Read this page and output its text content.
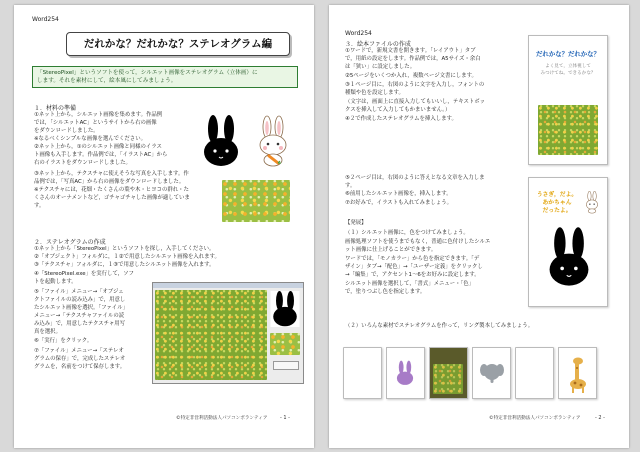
Word254
だれかな？だれかな？ステレオグラム編
「StereoPixel」というソフトを使って，シルエット画像をステレオグラム（立体画）に
します。それを素材にして，絵本風にしてみましょう。
１．材料の準備
①ネット上から，シルエット画像を集めます。作品例
では，「シルエットAC」というサイトから右の画像
をダウンロードしました。
※なるべくシンプルな画像を選んでください。
②ネット上から，①のシルエット画像と同様のイラス
ト画像も入手します。作品例では，「イラストAC」から
右のイラストをダウンロードしました。
③ネット上から，テクスチャに使えそうな写真を入手します。作
品例では，「写真AC」から右の画像をダウンロードしました。
※テクスチャには，花畑・たくさんの葉や木・ヒヨコの群れ・た
くさんのオーナメントなど，ゴチャゴチャした画像が適していま
す。
２．ステレオグラムの作成
①ネット上から「StereoPixel」というソフトを探し，入手してください。
②「オブジェクト」フォルダに，１②で用意したシルエット画像を入れます。
③「テクスチャ」フォルダに，１③で用意したシルエット画像を入れます。
④「StereoPixel.exe」を実行して，ソフ
トを起動します。
⑤「ファイル」メニュー→「オブジェ
クトファイルの読み込み」で，用意し
たシルエット画像を選択。「ファイル」
メニュー→「テクスチャファイルの読
み込み」で，用意したテクスチャ用写
真を選択。
⑥「実行」をクリック。
⑦「ファイル」メニュー→「ステレオ
グラムの保存」で，完成したステレオ
グラムを，名前をつけて保存します。
©特定非営利活動法人パソコンボランティア	- 1 -
Word254
３．絵本ファイルの作成
①ワードで，新規文書を開きます。「レイアウト」タブ
で，用紙の設定をします。作品例では，A5サイズ・余白
は「狭い」に設定しました。
②5ページをいくつか入れ，複数ページ文書にします。
③１ページ目に，右図のように文字を入力し，フォントの
種類や色を設定します。
（文字は，画面上に直接入力してもいいし，テキストボッ
クスを挿入して入力してもかまいません。）
④２で作成したステレオグラムを挿入します。
だれかな？だれかな？
よく見て，立体視して
みつけてね。できるかな？
⑤２ページ目は，右図のように答えとなる文章を入力しま
す。
⑥前用したシルエット画像を，挿入します。
⑦お好みで，イラストも入れてみましょう。
うさぎ，だよ。
あかちゃん
だったよ。
【発展】
（１）シルエット画像に，色をつけてみましょう。
画像処理ソフトを使うまでもなく，普通に色付けしたシルエ
ット画像に仕上げることができます。
ワードでは，「モノカラー」から色を指定できます。「デ
ザイン」タブ→「配色」→「ユーザー定義」をクリックし
→「編集」で，アクセント1～6をお好みに設定します。
シルエット画像を選択して，「書式」メニュー・「色」
で，塗りつぶし色を指定します。
（２）いろんな素材でステレオグラムを作って，リング製本してみましょう。
©特定非営利活動法人パソコンボランティア	- 2 -
